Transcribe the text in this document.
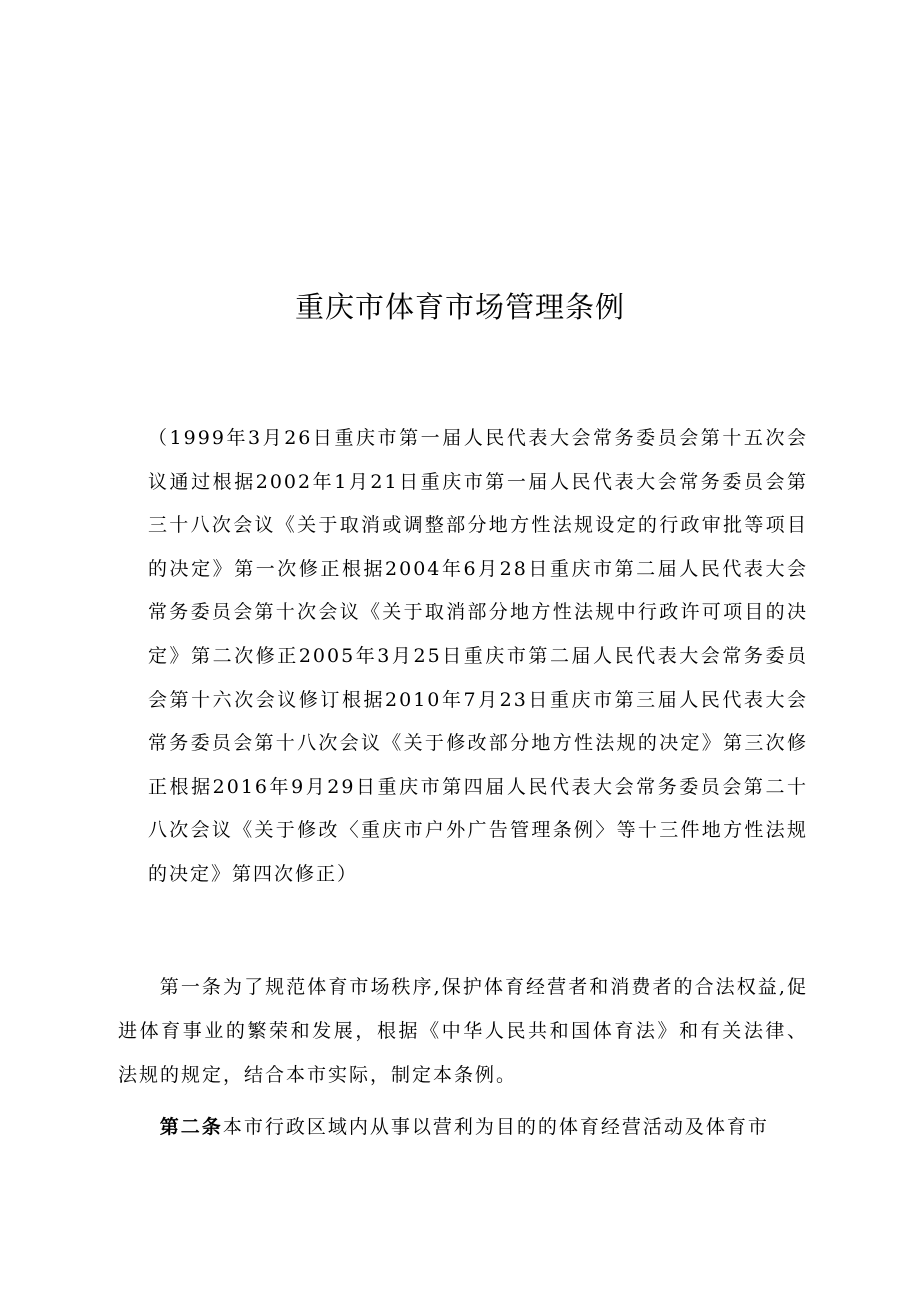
重庆市体育市场管理条例

（1999年3月26日重庆市第一届人民代表大会常务委员会第十五次会议通过根据2002年1月21日重庆市第一届人民代表大会常务委员会第三十八次会议《关于取消或调整部分地方性法规设定的行政审批等项目的决定》第一次修正根据2004年6月28日重庆市第二届人民代表大会常务委员会第十次会议《关于取消部分地方性法规中行政许可项目的决定》第二次修正2005年3月25日重庆市第二届人民代表大会常务委员会第十六次会议修订根据2010年7月23日重庆市第三届人民代表大会常务委员会第十八次会议《关于修改部分地方性法规的决定》第三次修正根据2016年9月29日重庆市第四届人民代表大会常务委员会第二十八次会议《关于修改〈重庆市户外广告管理条例〉等十三件地方性法规的决定》第四次修正）

第一条为了规范体育市场秩序,保护体育经营者和消费者的合法权益,促进体育事业的繁荣和发展，根据《中华人民共和国体育法》和有关法律、法规的规定，结合本市实际，制定本条例。

第二条本市行政区域内从事以营利为目的的体育经营活动及体育市
